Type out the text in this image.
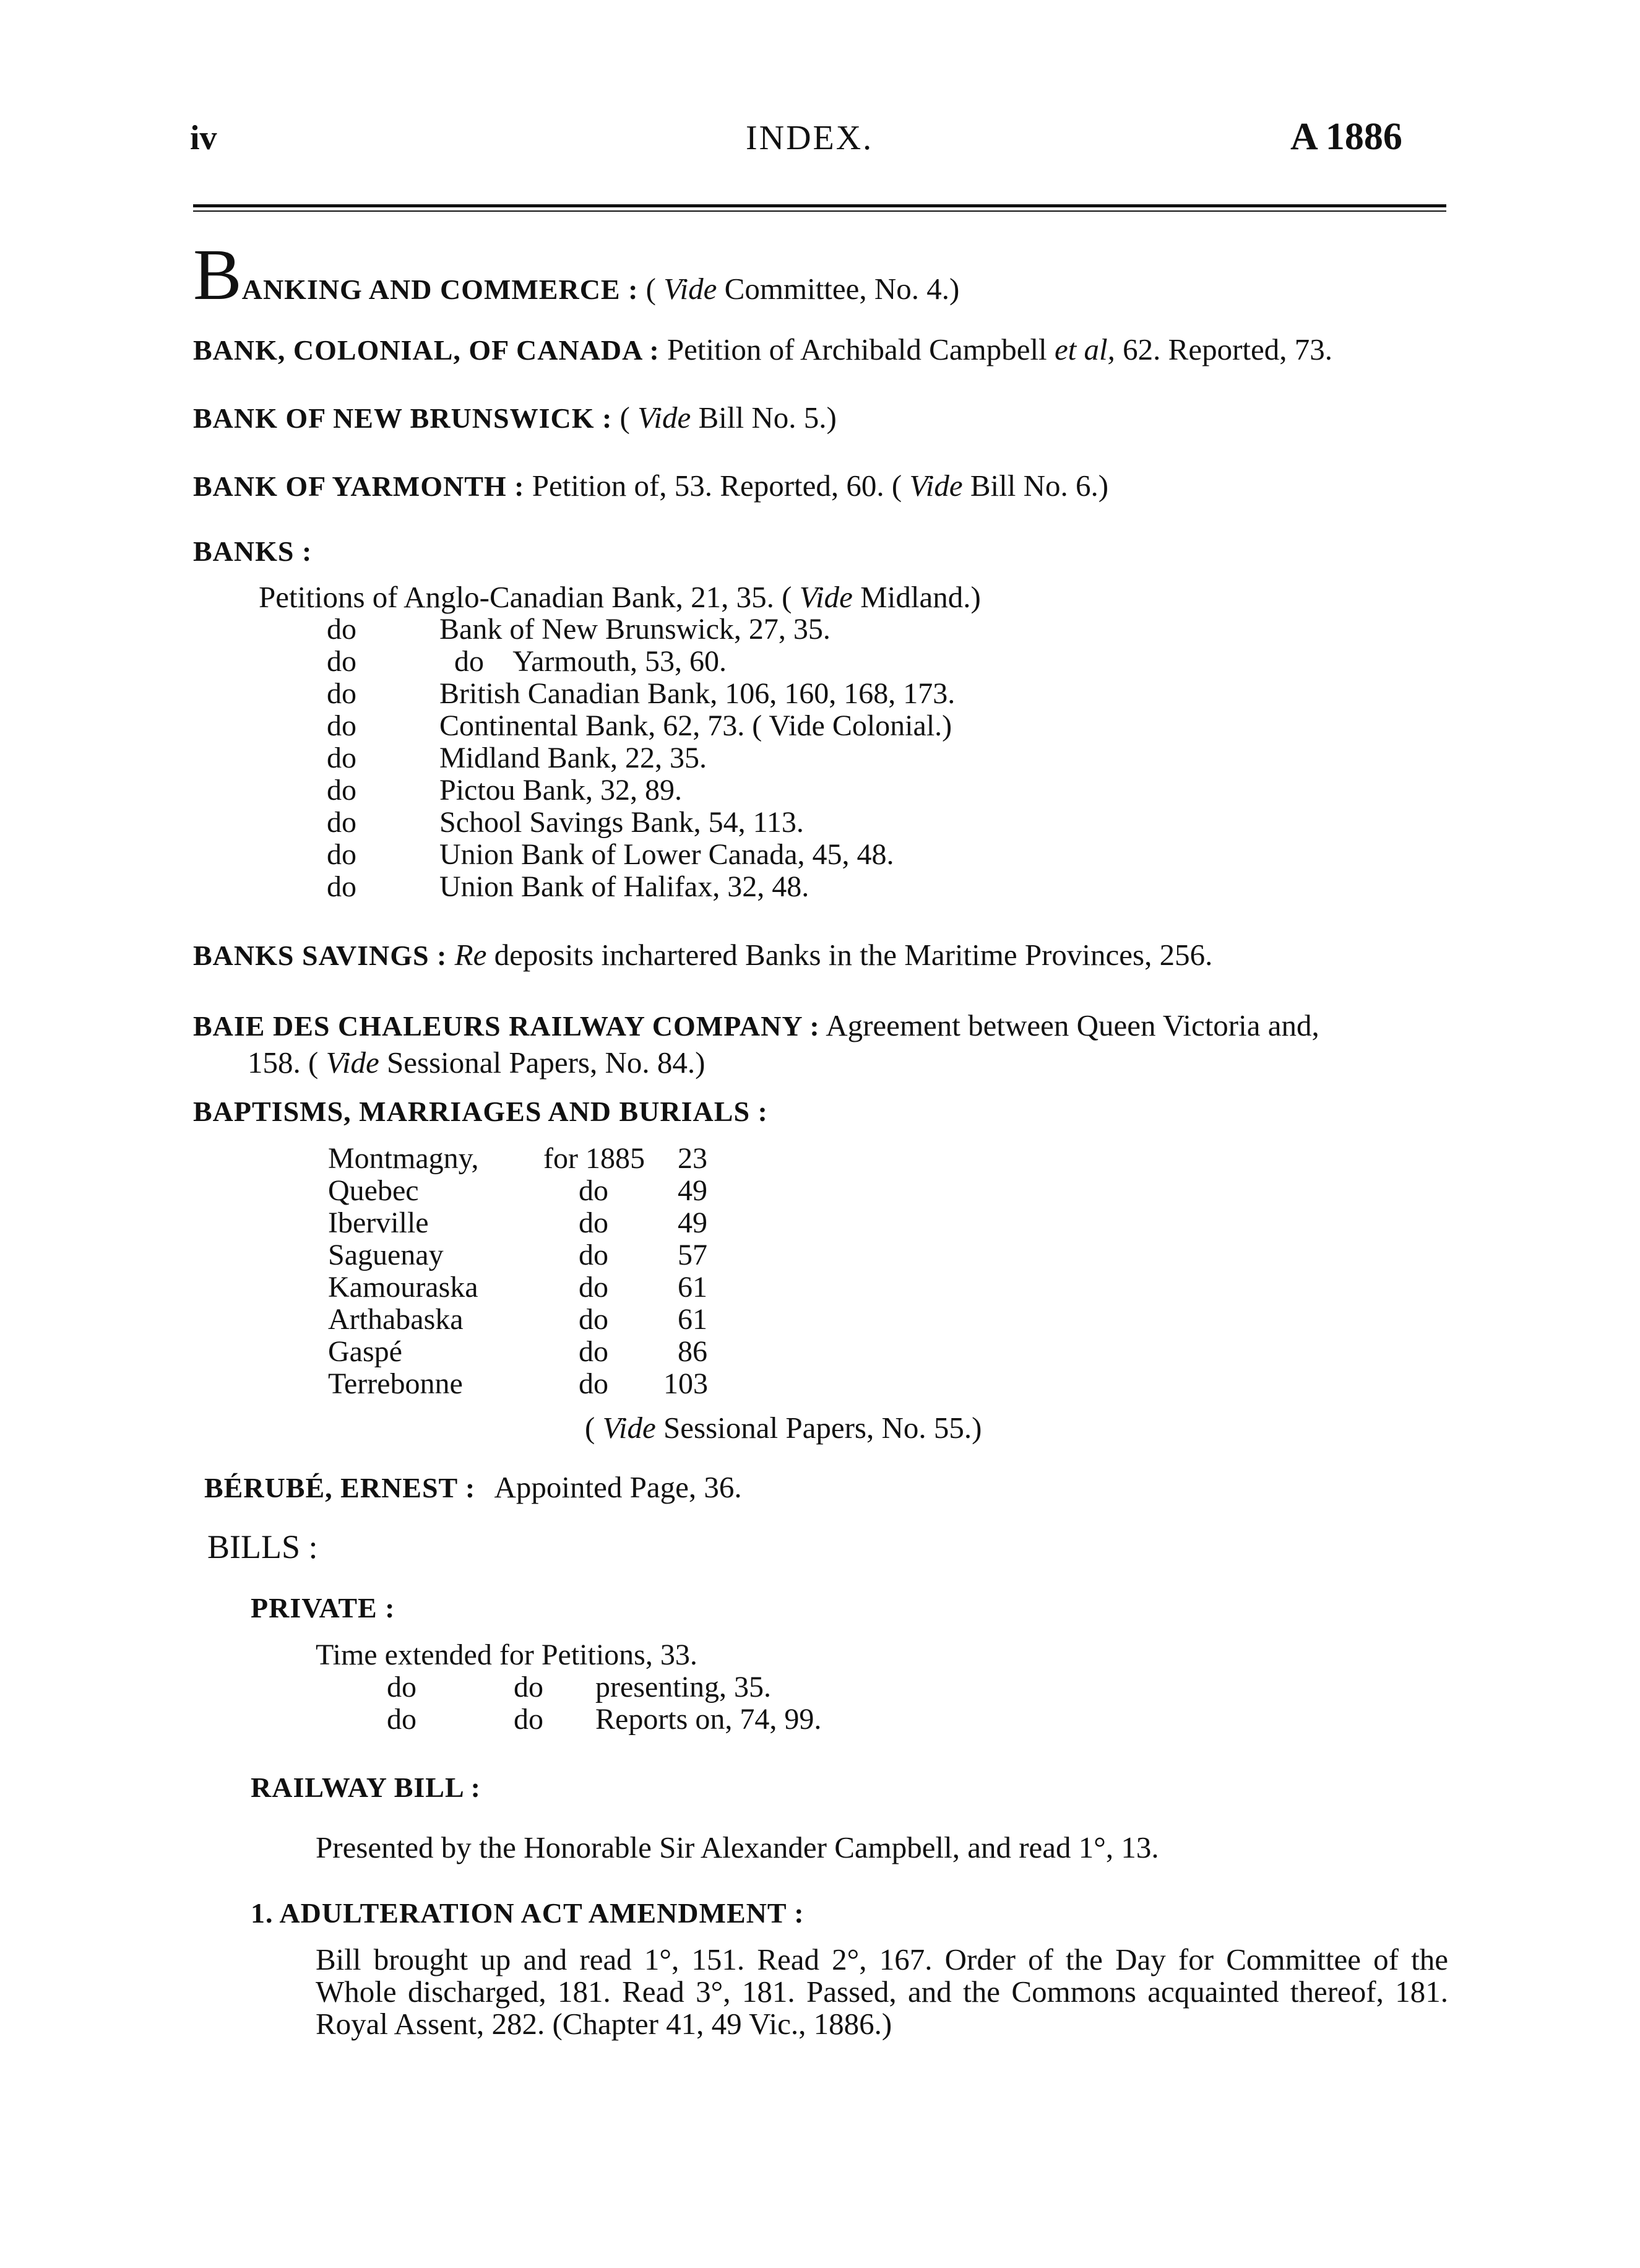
iv	INDEX.	A 1886
BANKING AND COMMERCE : ( Vide Committee, No. 4.)
BANK, COLONIAL, OF CANADA : Petition of Archibald Campbell et al, 62. Reported, 73.
BANK OF NEW BRUNSWICK : ( Vide Bill No. 5.)
BANK OF YARMONTH : Petition of, 53. Reported, 60. ( Vide Bill No. 6.)
BANKS :
Petitions of Anglo-Canadian Bank, 21, 35. ( Vide Midland.)
do	Bank of New Brunswick, 27, 35.
do	do    Yarmouth, 53, 60.
do	British Canadian Bank, 106, 160, 168, 173.
do	Continental Bank, 62, 73. ( Vide Colonial.)
do	Midland Bank, 22, 35.
do	Pictou Bank, 32, 89.
do	School Savings Bank, 54, 113.
do	Union Bank of Lower Canada, 45, 48.
do	Union Bank of Halifax, 32, 48.
BANKS SAVINGS : Re deposits inchartered Banks in the Maritime Provinces, 256.
BAIE DES CHALEURS RAILWAY COMPANY : Agreement between Queen Victoria and,
158. ( Vide Sessional Papers, No. 84.)
BAPTISMS, MARRIAGES AND BURIALS :
Montmagny, for 1885 23
Quebec	do 49
Iberville	do 49
Saguenay	do 57
Kamouraska	do 61
Arthabaska	do 61
Gaspé	do 86
Terrebonne	do 103
( Vide Sessional Papers, No. 55.)
BÉRUBÉ, ERNEST : Appointed Page, 36.
BILLS :
PRIVATE :
Time extended for Petitions, 33.
do	do presenting, 35.
do	do Reports on, 74, 99.
RAILWAY BILL :
Presented by the Honorable Sir Alexander Campbell, and read 1°, 13.
1. ADULTERATION ACT AMENDMENT :
Bill brought up and read 1°, 151. Read 2°, 167. Order of the Day for Committee of the Whole discharged, 181. Read 3°, 181. Passed, and the Commons acquainted thereof, 181. Royal Assent, 282. (Chapter 41, 49 Vic., 1886.)
